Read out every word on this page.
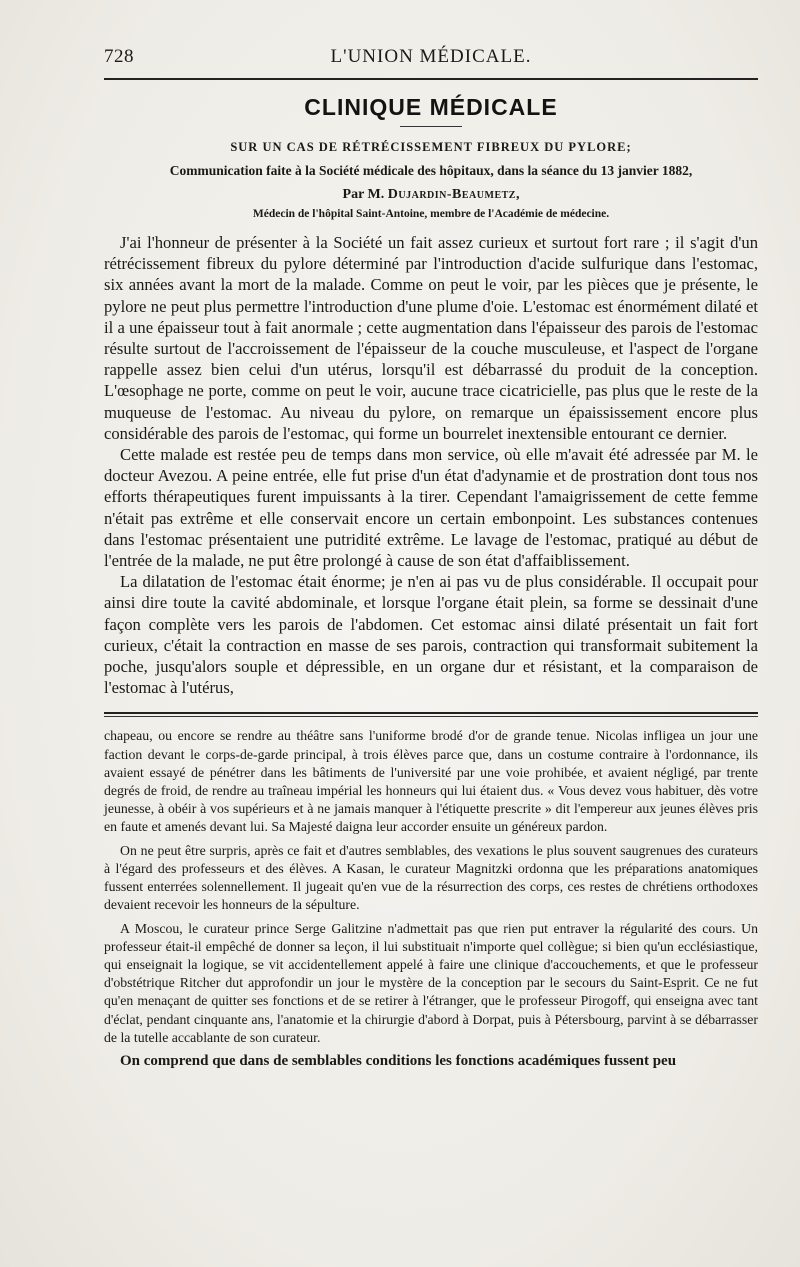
728	L'UNION MÉDICALE.
CLINIQUE MÉDICALE
SUR UN CAS DE RÉTRÉCISSEMENT FIBREUX DU PYLORE;
Communication faite à la Société médicale des hôpitaux, dans la séance du 13 janvier 1882,
Par M. Dujardin-Beaumetz,
Médecin de l'hôpital Saint-Antoine, membre de l'Académie de médecine.

J'ai l'honneur de présenter à la Société un fait assez curieux et surtout fort rare ; il s'agit d'un rétrécissement fibreux du pylore déterminé par l'introduction d'acide sulfurique dans l'estomac, six années avant la mort de la malade. Comme on peut le voir, par les pièces que je présente, le pylore ne peut plus permettre l'introduction d'une plume d'oie. L'estomac est énormément dilaté et il a une épaisseur tout à fait anormale ; cette augmentation dans l'épaisseur des parois de l'estomac résulte surtout de l'accroissement de l'épaisseur de la couche musculeuse, et l'aspect de l'organe rappelle assez bien celui d'un utérus, lorsqu'il est débarrassé du produit de la conception. L'œsophage ne porte, comme on peut le voir, aucune trace cicatricielle, pas plus que le reste de la muqueuse de l'estomac. Au niveau du pylore, on remarque un épaississement encore plus considérable des parois de l'estomac, qui forme un bourrelet inextensible entourant ce dernier.

Cette malade est restée peu de temps dans mon service, où elle m'avait été adressée par M. le docteur Avezou. A peine entrée, elle fut prise d'un état d'adynamie et de prostration dont tous nos efforts thérapeutiques furent impuissants à la tirer. Cependant l'amaigrissement de cette femme n'était pas extrême et elle conservait encore un certain embonpoint. Les substances contenues dans l'estomac présentaient une putridité extrême. Le lavage de l'estomac, pratiqué au début de l'entrée de la malade, ne put être prolongé à cause de son état d'affaiblissement.

La dilatation de l'estomac était énorme; je n'en ai pas vu de plus considérable. Il occupait pour ainsi dire toute la cavité abdominale, et lorsque l'organe était plein, sa forme se dessinait d'une façon complète vers les parois de l'abdomen. Cet estomac ainsi dilaté présentait un fait fort curieux, c'était la contraction en masse de ses parois, contraction qui transformait subitement la poche, jusqu'alors souple et dépressible, en un organe dur et résistant, et la comparaison de l'estomac à l'utérus,

chapeau, ou encore se rendre au théâtre sans l'uniforme brodé d'or de grande tenue. Nicolas infligea un jour une faction devant le corps-de-garde principal, à trois élèves parce que, dans un costume contraire à l'ordonnance, ils avaient essayé de pénétrer dans les bâtiments de l'université par une voie prohibée, et avaient négligé, par trente degrés de froid, de rendre au traîneau impérial les honneurs qui lui étaient dus. « Vous devez vous habituer, dès votre jeunesse, à obéir à vos supérieurs et à ne jamais manquer à l'étiquette prescrite » dit l'empereur aux jeunes élèves pris en faute et amenés devant lui. Sa Majesté daigna leur accorder ensuite un généreux pardon.

On ne peut être surpris, après ce fait et d'autres semblables, des vexations le plus souvent saugrenues des curateurs à l'égard des professeurs et des élèves. A Kasan, le curateur Magnitzki ordonna que les préparations anatomiques fussent enterrées solennellement. Il jugeait qu'en vue de la résurrection des corps, ces restes de chrétiens orthodoxes devaient recevoir les honneurs de la sépulture.

A Moscou, le curateur prince Serge Galitzine n'admettait pas que rien put entraver la régularité des cours. Un professeur était-il empêché de donner sa leçon, il lui substituait n'importe quel collègue; si bien qu'un ecclésiastique, qui enseignait la logique, se vit accidentellement appelé à faire une clinique d'accouchements, et que le professeur d'obstétrique Ritcher dut approfondir un jour le mystère de la conception par le secours du Saint-Esprit. Ce ne fut qu'en menaçant de quitter ses fonctions et de se retirer à l'étranger, que le professeur Pirogoff, qui enseigna avec tant d'éclat, pendant cinquante ans, l'anatomie et la chirurgie d'abord à Dorpat, puis à Pétersbourg, parvint à se débarrasser de la tutelle accablante de son curateur.

On comprend que dans de semblables conditions les fonctions académiques fussent peu
